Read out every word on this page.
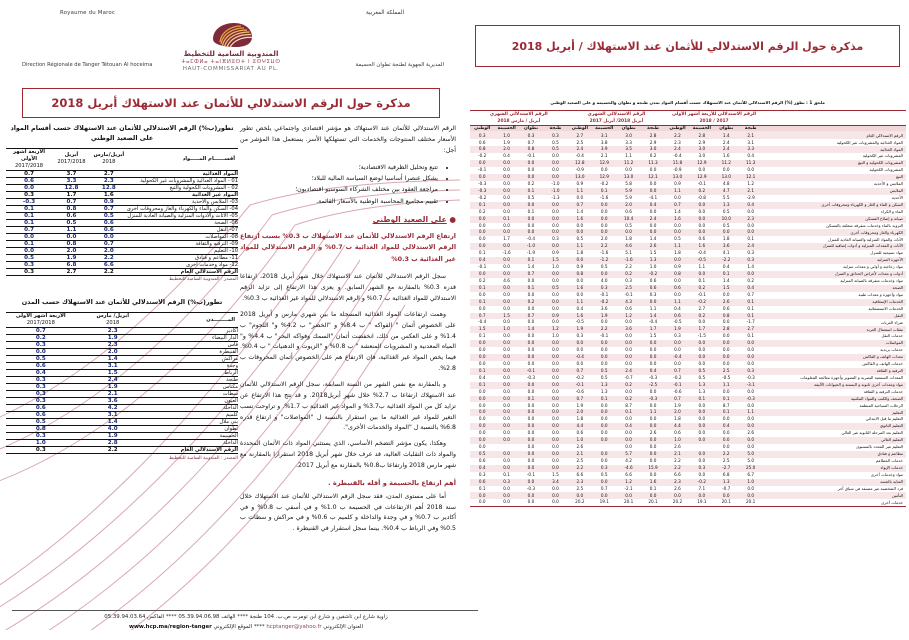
Royaume du Maroc	المملكة المغربية
Direction Régionale de Tanger Tétouan Al hoceima	المديرية الجهوية لطنجة تطوان الحسيمة
المندوبية السامية للتخطيط
ⵜⴰⵎⵀⵍⴰ ⵜⴰⵏⴼⵍⵓⵙⵜ ⵏ ⵓⵙⵖⵉⵡⵙ
HAUT-COMMISSARIAT AU PL.
مذكرة حول الرقم الاستدلالي للأثمان عند الاستهلاك أبريل 2018
تطور(ب%) الرقم الاستدلالي للأثمان عند الاستهلاك حسب أقسام المواد على الصعيد الوطني
الأربعة أشهر الأولى
2017/2018	أبريل
2017/2018	أبريل/مارس
2018	أقســــــام المـــــواد
0.7	3.7	2.7	المواد الغذائية
0.6	3.3	2.3	01 - المواد الغذائية والمشروبات غير الكحولية
0.0	12.8	12.8	02 - المشروبات الكحولية والتبغ
0.3	1.7	1.6	المواد غير الغذائية
-0.3	0.7	0.9	03- الملابس والأحذية
0.1	0.8	0.7	04- السكن والماء والكهرباء والغاز ومحروقات أخرى
0.1	0.6	0.5	05- الأثاث والأدوات المنزلية والصيانة العادية للمنزل
0.1	0.5	0.6	06- الصحة
0.7	1.1	0.6	07- النقل
0.0	0.0	0.0	08- المواصلات
0.1	0.8	0.7	09- الترفيه والثقافة
0.0	2.0	2.0	10- التعليم
0.5	1.9	2.2	11- مطاعم و فنادق
0.3	6.8	6.6	12- مواد وخدمات أخرى
0.3	2.7	2.2	الرقم الاستدلالي العام
المصدر : المندوبية السامية للتخطيط
تطور(ب%) الرقم الاستدلالي للأثمان عند الاستهلاك حسب المدن
الأربعة أشهر الأولى
2017/2018	أبريل/ مارس
2018	المــــــــدن
0.7	2.3	أكادير
0.2	1.9	الدار البيضاء
0.3	2.3	فاس
0.0	2.0	القنيطرة
0.5	1.4	مراكش
0.6	3.1	وجدة
0.4	1.5	الرباط
0.3	2.4	طنجة
0.3	1.9	مكناس
0.3	2.1	سطات
0.3	3.6	العيون
0.6	4.2	الداخلة
0.6	3.1	كلميم
0.5	1.4	بني ملال
0.8	4.0	تطوان
0.3	1.9	الحسيمة
1.0	2.8	الداخلة
0.3	2.2	الرقم الاستدلالي العام
المصدر : المندوبية السامية للتخطيط

الرقم الاستدلالي للأثمان عند الاستهلاك هو مؤشر اقتصادي واجتماعي يلخص تطور الأسعار مختلف المنتوجات والخدمات التي تستهلكها الأسر. يستعمل هذا المؤشر من أجل:

• تتبع وتحليل الظرفية الاقتصادية؛
• يشكل عنصرا أساسيا لوضع السياسة المالية للبلاد؛
• مراجعة العقود بين مختلف الشركاء السوسيو اقتصاديون؛
• تقييم مجاميع المحاسبة الوطنية بالأسعار القائمة.
● على الصعيد الوطني

ارتفاع الرقم الاستدلالي للأثمان عند الاستهلاك ب 0.3% بسبب ارتفاع الرقم الاستدلالي للمواد الغذائية ب 0.7% و الرقم الاستدلالي للمواد غير الغذائية ب 0.3%

سجل الرقم الاستدلالي للأثمان عند الاستهلاك خلال شهر أبريل 2018، ارتفاعا قدره 0.3% بالمقارنة مع الشهر السابق. و يعزى هذا الارتفاع إلى تزايد الرقم الاستدلالي للمواد الغذائية ب 0.7% و الرقم الاستدلالي للمواد غير الغذائية ب 0.3%.

وهمت ارتفاعات المواد الغذائية المسجلة ما بين شهري مارس و أبريل 2018 على الخصوص أثمان " الفواكه " ب 8.4% و "الخضر" ب 4.2% و" اللحوم" ب 1.4% و على العكس من ذلك، انخفضت أثمان "السمك وفواكه البحر" ب 4.4% و" المياه المعدنية و المشروبات المنعشة " ب 0.8% و "الزيوت و الدهنيات " ب 0.4%. فيما يخص المواد غير الغذائية، فإن الارتفاع هم على الخصوص أثمان المحروقات ب 2.8%.

و بالمقارنة مع نفس الشهر من السنة السابقة، سجل الرقم الاستدلالي للأثمان عند الاستهلاك ارتفاعا ب 2.7% خلال شهر أبريل2018. و قد نتج هذا الارتفاع عن تزايد كل من المواد الغذائية ب3.7% و المواد غير الغذائية ب 1.7%. و تراوحت نسب التغير للمواد غير الغذائية ما بين استقرار بالنسبة ل "المواصلات" و ارتفاع قدره 6.8% بالنسبة ل "المواد والخدمات الأخرى".

وهكذا، يكون مؤشر التضخم الأساسي، الذي يستثني المواد ذات الأثمان المحددة والمواد ذات التقلبات العالية، قد عرف خلال شهر أبريل 2018 استقرارا بالمقارنة مع شهر مارس 2018 وارتفاعا ب0.8% بالمقارنة مع أبريل 2017.

أهم ارتفاع بالحسيمة و أقله بالقنيطرة .

أما على مستوى المدن، فقد سجل الرقم الاستدلالي للأثمان عند الاستهلاك خلال سنة 2018 أهم الارتفاعات في الحسيمة ب 1.0% و في أسفي ب 0.8% و في أكادير ب 0.7% و في وجدة والداخلة و كلميم ب 0.6% و في مراكش و سطات ب 0.5% وفي الرباط ب 0.4%. بينما سجل استقرار في القنيطرة .

مذكرة حول الرقم الاستدلالي للأثمان عند الاستهلاك / أبريل 2018
ملحق 1 : تطور (%) الرقم الاستدلالي للأثمان عند الاستهلاك حسب أقسام المواد بمدن طنجة و تطوان والحسيمة و على الصعيد الوطني
الرقم الاستدلالي الشهري
أبريل / مارس 2018				الرقم الاستدلالي الشهري
أبريل 2018/ أبريل 2017				الرقم الاستدلالي للأربعة أشهر الأولى
2017 / 2018				

الوطني	الحسيمة	تطوان	طنجة	الوطني	الحسيمة	تطوان	طنجة	الوطني	الحسيمة	تطوان	طنجة	
0.3	1.0	0.3	0.3	2.7	3.1	3.0	2.8	2.2	2.8	1.4	2.1	الرقم الاستدلالي العام
0.6	1.9	0.7	0.5	2.5	3.8	3.3	2.9	2.3	2.9	2.4	3.1	المواد الغذائية والمشروبات غير الكحولية
0.8	2.0	0.8	0.5	2.4	3.9	3.5	3.0	2.4	3.0	2.4	3.3	المواد الغذائية
-0.2	0.4	-0.1	0.0	-0.4	2.1	1.1	0.2	-0.4	3.0	1.6	0.4	المشروبات غير الكحولية
0.0	0.0	0.0	0.0	12.8	12.9	11.2	11.3	11.8	12.9	11.2	11.3	المشروبات الكحولية و التبغ
-0.1	0.0	0.0	0.0	-0.9	0.0	0.0	0.0	-0.9	0.0	0.0	0.0	المشروبات الكحولية
0.0	0.0	0.0	0.0	13.0	12.9	13.0	12.1	13.0	12.9	13.0	12.1	التبغ
-0.3	0.0	0.2	-1.0	0.9	-0.2	5.8	0.0	0.9	-0.1	4.8	1.2	الملابس و الأحذية
-0.3	0.0	0.1	-1.0	1.1	0.1	5.9	0.0	1.1	0.2	4.7	2.1	الملابس
-0.2	0.0	0.5	-1.3	0.0	-1.6	5.9	-4.1	0.0	-0.8	5.5	-2.9	الأحذية
0.1	0.0	0.0	0.0	0.7	0.0	2.0	0.4	0.7	0.0	1.3	0.4	السكن و الماء و الغاز و الكهرباء ومحروقات أخرى
0.2	0.0	0.1	0.0	1.4	0.0	0.6	0.0	1.4	0.0	0.5	0.0	الماء و الكراء
0.0	0.1	0.0	0.0	1.6	0.0	10.4	2.4	1.6	0.0	10.0	2.3	صيانة و إصلاح المسكن
0.0	0.0	0.0	0.0	0.0	0.0	0.5	0.0	0.0	0.0	0.5	0.0	التزويد بالماء وخدمات متفرقة متعلقة بالمسكن
0.0	0.0	0.0	0.0	0.0	0.0	0.0	0.0	0.0	0.0	0.0	0.0	الكهرباء والغاز ومحروقات أخرى
0.0	1.7	-0.4	0.3	0.5	2.0	1.8	1.4	0.5	0.6	1.8	0.1	الأثاث والمواد المنزلية والصيانة العادية للمنزل
0.0	0.0	-1.0	0.0	1.1	2.2	4.6	2.6	1.1	1.6	3.6	2.4	الأثاث و المعدات المنزلية و أدوات إضافية للمنزل
0.1	-1.6	-1.9	0.9	1.8	-1.6	5.1	1.5	1.8	-0.4	4.1	0.3	مواد نسيجية للمنزل
0.4	0.0	0.1	1.5	0.0	-1.2	-1.6	1.3	0.0	-0.5	-2.2	0.3	الأجهزة المنزلية
-0.1	0.0	1.4	1.0	0.9	0.5	2.2	1.0	0.9	1.1	0.4	1.4	مواد زجاجية و أواني و معدات منزلية
0.0	0.0	0.7	0.0	0.8	0.0	0.2	-0.2	0.8	0.0	0.1	0.0	أدوات و معدات لأغراض الحدائق و المنزل
0.2	4.6	0.0	0.0	0.0	4.0	0.3	0.6	0.0	0.1	1.4	0.2	مواد وخدمات متفرقة بالصيانة المنزلية
0.1	0.0	0.1	0.5	1.6	0.3	2.5	0.6	0.6	0.2	1.5	0.4	الصحة
0.0	0.0	0.0	0.0	0.0	-0.1	-0.1	0.3	0.0	-0.1	0.0	0.7	مواد وأجهزة و معدات طبية
0.1	0.0	0.2	0.0	1.1	-0.2	4.3	0.0	1.1	-0.2	2.6	0.1	الخدمات الإسعافية
0.0	0.0	0.0	0.0	0.4	3.6	0.6	1.1	0.4	2.7	0.6	0.1	الخدمات الاستشفائية
0.7	1.5	0.7	0.9	1.6	1.9	1.2	1.4	0.6	0.2	0.8	0.1	النقل
-0.4	0.0	0.0	0.0	-0.5	0.0	0.0	-0.4	-0.5	0.0	0.0	-1.7	شراء العربات
1.5	1.0	1.4	1.2	1.9	2.2	3.6	1.7	1.9	1.7	2.8	2.7	نفقات استعمال العربة
0.1	0.0	0.0	1.0	0.3	-0.1	0.0	1.5	0.3	-1.5	0.0	0.1	خدمات النقل
0.0	0.0	0.0	0.0	0.0	0.0	0.0	0.0	0.0	0.0	0.0	0.0	المواصلات
0.0	0.0	0.0	0.0	0.0	0.0	0.0	0.0	0.0	0.0	0.0	0.0	خدمات بريدية
0.0	0.0	0.0	0.0	-0.4	0.0	0.0	0.0	-0.4	0.0	0.0	0.0	معدات الهاتف و الفاكس
0.0	0.0	0.0	0.0	0.0	0.0	0.0	0.0	0.0	0.0	0.0	0.0	خدمات الهاتف و الفاكس
0.1	0.0	-0.1	0.0	0.7	0.5	2.4	0.4	0.7	0.5	2.5	0.3	الترفيه و الثقافة
0.4	0.0	-0.3	0.0	-0.2	0.5	-0.7	-0.3	-0.2	0.5	-0.5	-0.3	المعدات السمعية البصرية و التصوير وأجهزة معالجة المعلومات
0.1	0.0	0.0	0.0	-0.1	1.3	0.2	-2.5	-0.1	1.3	1.1	-3.1	مواد ومعدات أخرى ثانوية و البستنة و الحيوانات الأليفة
0.0	0.0	0.0	0.0	-0.6	1.3	0.0	0.0	-0.6	1.3	0.0	0.0	خدمات الترفيه و الثقافة
0.0	0.0	0.1	0.0	0.7	0.1	0.2	-0.3	0.7	0.1	0.1	-0.3	الصحف والكتب والمواد المكتبية
0.0	0.0	0.0	0.0	1.9	0.0	8.7	0.0	1.9	0.0	8.7	0.0	الرحلات السياحية المنظمة
0.0	0.0	0.0	0.0	2.0	0.0	0.1	1.1	2.0	0.0	0.1	1.1	التعليم
0.0	0.0	0.0	0.0	1.8	0.0	0.0	0.0	1.8	0.0	0.0	0.0	التعليم ما قبل الابتدائي
0.0	0.0	0.0	0.0	4.4	0.0	0.4	0.0	4.4	0.0	0.4	0.0	التعليم الثانوي
0.0	0.0	0.0	0.0	0.6	0.0	0.0	2.6	0.6	0.0	0.0	2.6	التعليم بعد المرحلة الثانوية غير العالي
0.0	0.0	0.0	0.0	1.0	0.0	0.0	0.0	1.0	0.0	0.0	0.0	التعليم العالي
0.0		0.0	0.0	2.6		0.0	0.0	2.6		0.0	0.0	التعليم غير المحدد بالمستوى
0.5	0.0	0.0	0.0	2.1	0.0	5.7	0.0	2.1	0.0	2.2	5.0	مطاعم و فنادق
0.6	0.0	0.0	0.0	2.5	0.0	4.2	0.0	2.2	0.0	2.5	5.0	خدمات المطاعم
0.4	0.0	0.0	0.0	2.2	0.3	-4.6	15.9	2.2	0.3	-2.7	25.0	خدمات الإيواء
0.3	0.1	-0.1	1.5	6.6	0.5	6.6	0.0	6.6	0.0	6.8	6.7	مواد وخدمات أخرى
0.6	0.3	0.0	3.4	2.3	0.0	1.2	1.6	2.3	-0.2	1.3	1.0	العناية بالجسد
0.1	0.0	-0.3	0.0	2.5	0.7	-2.1	0.1	2.6	7.1	-0.7	0.0	فرد الشخصية غير مصنفة في سياق آخر
0.0	0.0	0.0	0.0	0.0	0.0	0.0	0.0	0.0	0.0	0.0	0.0	التأمين
0.0	0.0	0.0	0.0	20.2	19.1	20.1	20.1	20.2	19.1	20.1	20.1	خدمات أخرى
زاوية شارع ابن تاشفين و شارع ابن تومرت ص.ب. 104 طنجة **** الهاتف 05.39.94.06.98 **** الفاكس 05.39.94.03.64
العنوان الإلكتروني hcptanger@yahoo.fr **** الموقع الإلكتروني www.hcp.ma/region-tanger
